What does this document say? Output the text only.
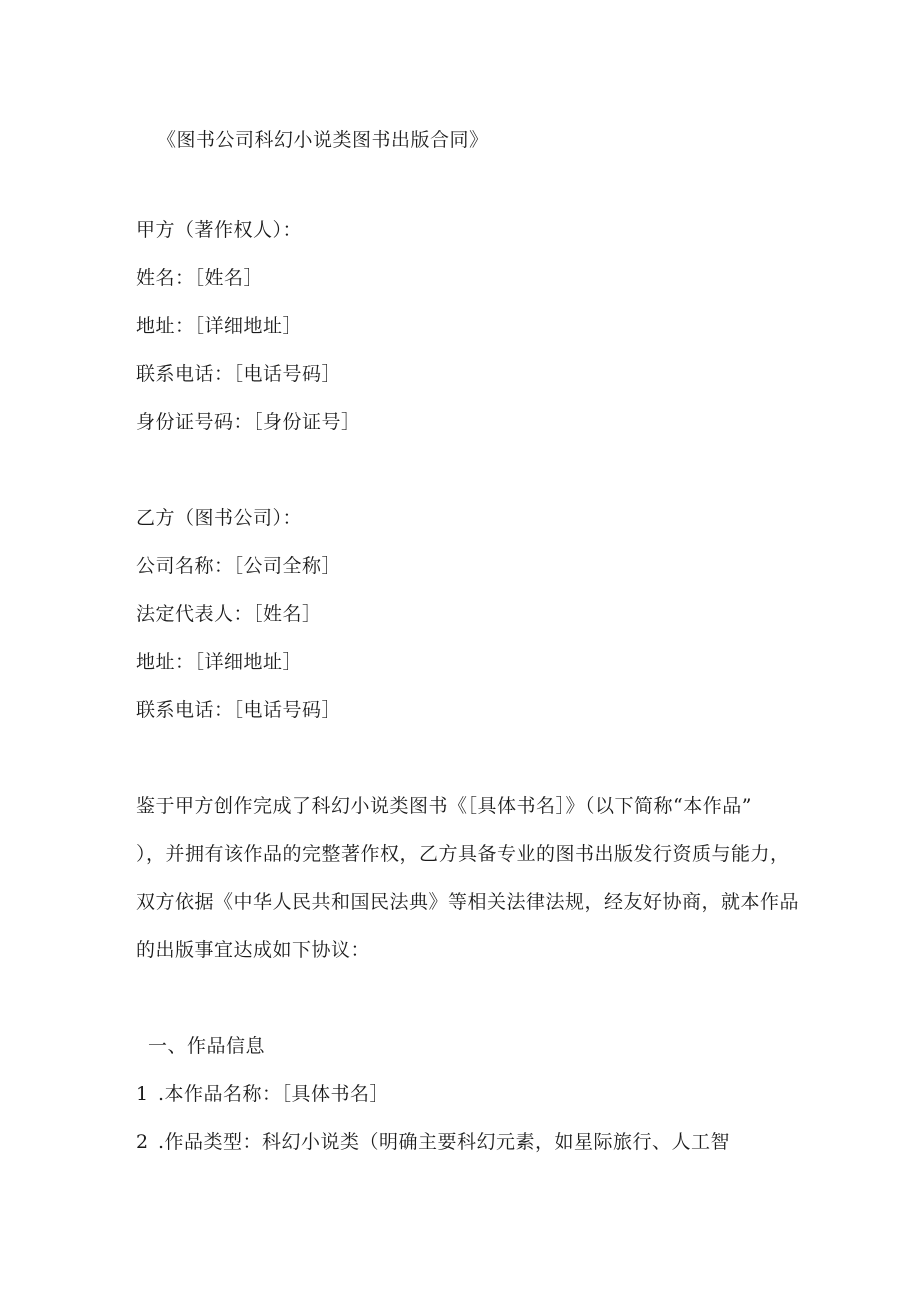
《图书公司科幻小说类图书出版合同》
甲方（著作权人）：
姓名：［姓名］
地址：［详细地址］
联系电话：［电话号码］
身份证号码：［身份证号］
乙方（图书公司）：
公司名称：［公司全称］
法定代表人：［姓名］
地址：［详细地址］
联系电话：［电话号码］
鉴于甲方创作完成了科幻小说类图书《［具体书名］》（以下简称“本作品”
），并拥有该作品的完整著作权，乙方具备专业的图书出版发行资质与能力，
双方依据《中华人民共和国民法典》等相关法律法规，经友好协商，就本作品
的出版事宜达成如下协议：
一、作品信息
1 .本作品名称：［具体书名］
2 .作品类型：科幻小说类（明确主要科幻元素，如星际旅行、人工智
